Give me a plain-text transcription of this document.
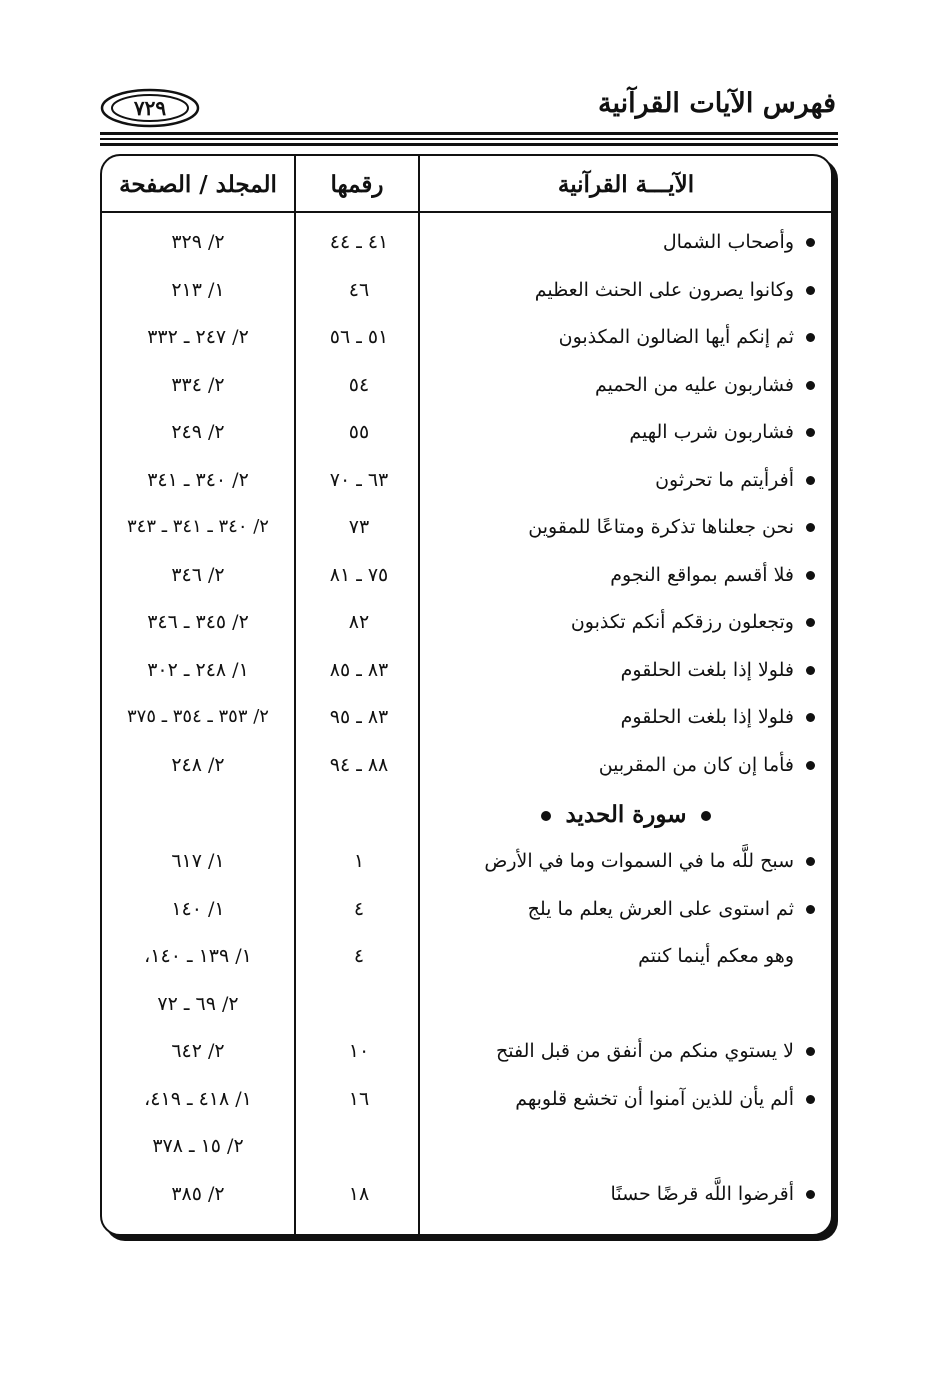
فهرس الآيات القرآنية
٧٢٩
الآيـــة القرآنية
رقمها
المجلد / الصفحة
وأصحاب الشمال
٤١ ـ ٤٤
٢/ ٣٢٩
وكانوا يصرون على الحنث العظيم
٤٦
١/ ٢١٣
ثم إنكم أيها الضالون المكذبون
٥١ ـ ٥٦
٢/ ٢٤٧ ـ ٣٣٢
فشاربون عليه من الحميم
٥٤
٢/ ٣٣٤
فشاربون شرب الهيم
٥٥
٢/ ٢٤٩
أفرأيتم ما تحرثون
٦٣ ـ ٧٠
٢/ ٣٤٠ ـ ٣٤١
نحن جعلناها تذكرة ومتاعًا للمقوين
٧٣
٢/ ٣٤٠ ـ ٣٤١ ـ ٣٤٣
فلا أقسم بمواقع النجوم
٧٥ ـ ٨١
٢/ ٣٤٦
وتجعلون رزقكم أنكم تكذبون
٨٢
٢/ ٣٤٥ ـ ٣٤٦
فلولا إذا بلغت الحلقوم
٨٣ ـ ٨٥
١/ ٢٤٨ ـ ٣٠٢
فلولا إذا بلغت الحلقوم
٨٣ ـ ٩٥
٢/ ٣٥٣ ـ ٣٥٤ ـ ٣٧٥
فأما إن كان من المقربين
٨٨ ـ ٩٤
٢/ ٢٤٨
سورة الحديد
سبح للَّه ما في السموات وما في الأرض
١
١/ ٦١٧
ثم استوى على العرش يعلم ما يلج
٤
١/ ١٤٠
وهو معكم أينما كنتم
٤
١/ ١٣٩ ـ ١٤٠،
٢/ ٦٩ ـ ٧٢
لا يستوي منكم من أنفق من قبل الفتح
١٠
٢/ ٦٤٢
ألم يأن للذين آمنوا أن تخشع قلوبهم
١٦
١/ ٤١٨ ـ ٤١٩،
٢/ ١٥ ـ ٣٧٨
أقرضوا اللَّه قرضًا حسنًا
١٨
٢/ ٣٨٥
